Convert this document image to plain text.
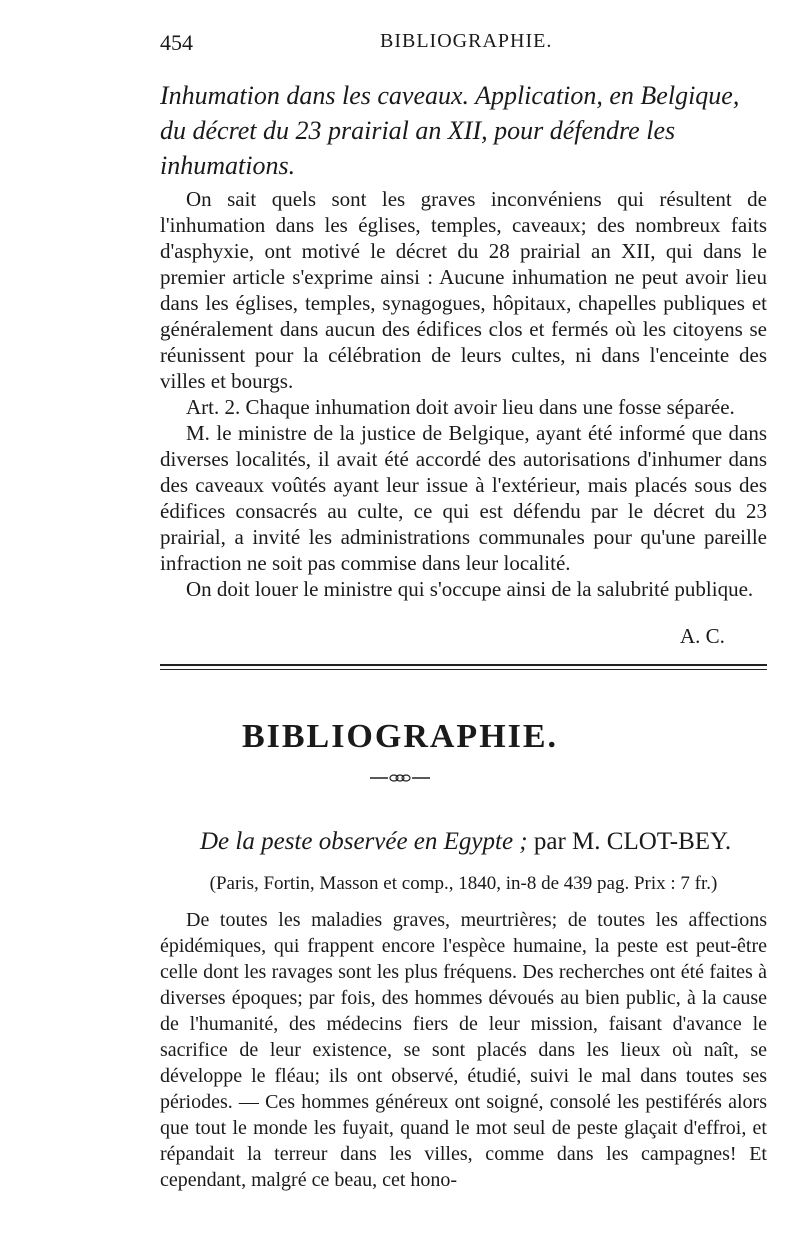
454	BIBLIOGRAPHIE.
Inhumation dans les caveaux. Application, en Belgique, du décret du 23 prairial an XII, pour défendre les inhumations.

On sait quels sont les graves inconvéniens qui résultent de l'inhumation dans les églises, temples, caveaux; des nombreux faits d'asphyxie, ont motivé le décret du 28 prairial an XII, qui dans le premier article s'exprime ainsi : Aucune inhumation ne peut avoir lieu dans les églises, temples, synagogues, hôpitaux, chapelles publiques et généralement dans aucun des édifices clos et fermés où les citoyens se réunissent pour la célébration de leurs cultes, ni dans l'enceinte des villes et bourgs.

Art. 2. Chaque inhumation doit avoir lieu dans une fosse séparée.

M. le ministre de la justice de Belgique, ayant été informé que dans diverses localités, il avait été accordé des autorisations d'inhumer dans des caveaux voûtés ayant leur issue à l'extérieur, mais placés sous des édifices consacrés au culte, ce qui est défendu par le décret du 23 prairial, a invité les administrations communales pour qu'une pareille infraction ne soit pas commise dans leur localité.

On doit louer le ministre qui s'occupe ainsi de la salubrité publique.

A. C.
BIBLIOGRAPHIE.
De la peste observée en Egypte ; par M. CLOT-BEY.
(Paris, Fortin, Masson et comp., 1840, in-8 de 439 pag. Prix : 7 fr.)

De toutes les maladies graves, meurtrières; de toutes les affections épidémiques, qui frappent encore l'espèce humaine, la peste est peut-être celle dont les ravages sont les plus fréquens. Des recherches ont été faites à diverses époques; par fois, des hommes dévoués au bien public, à la cause de l'humanité, des médecins fiers de leur mission, faisant d'avance le sacrifice de leur existence, se sont placés dans les lieux où naît, se développe le fléau; ils ont observé, étudié, suivi le mal dans toutes ses périodes. — Ces hommes généreux ont soigné, consolé les pestiférés alors que tout le monde les fuyait, quand le mot seul de peste glaçait d'effroi, et répandait la terreur dans les villes, comme dans les campagnes! Et cependant, malgré ce beau, cet hono-
